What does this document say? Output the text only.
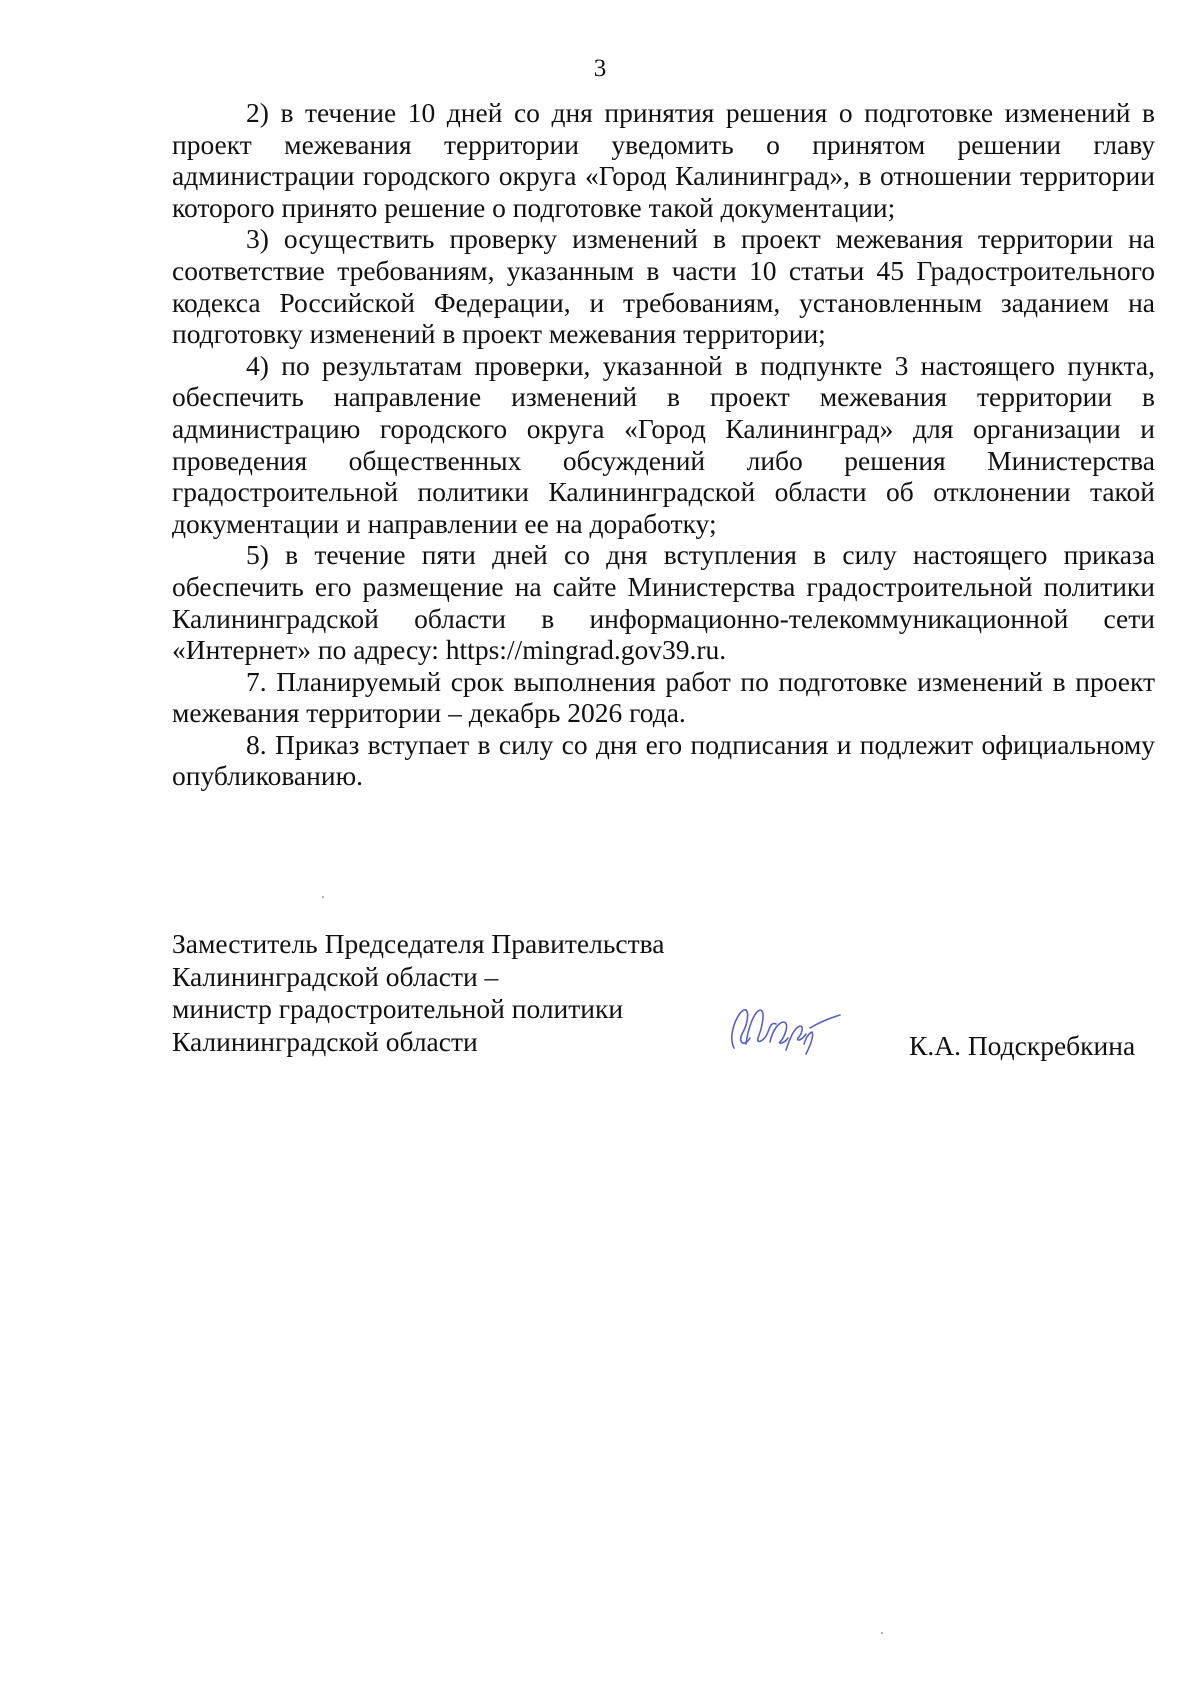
3

2) в течение 10 дней со дня принятия решения о подготовке изменений в проект межевания территории уведомить о принятом решении главу администрации городского округа «Город Калининград», в отношении территории которого принято решение о подготовке такой документации;

3) осуществить проверку изменений в проект межевания территории на соответствие требованиям, указанным в части 10 статьи 45 Градостроительного кодекса Российской Федерации, и требованиям, установленным заданием на подготовку изменений в проект межевания территории;

4) по результатам проверки, указанной в подпункте 3 настоящего пункта, обеспечить направление изменений в проект межевания территории в администрацию городского округа «Город Калининград» для организации и проведения общественных обсуждений либо решения Министерства градостроительной политики Калининградской области об отклонении такой документации и направлении ее на доработку;

5) в течение пяти дней со дня вступления в силу настоящего приказа обеспечить его размещение на сайте Министерства градостроительной политики Калининградской области в информационно-телекоммуникационной сети «Интернет» по адресу: https://mingrad.gov39.ru.

7. Планируемый срок выполнения работ по подготовке изменений в проект межевания территории – декабрь 2026 года.

8. Приказ вступает в силу со дня его подписания и подлежит официальному опубликованию.

Заместитель Председателя Правительства
Калининградской области –
министр градостроительной политики
Калининградской области	К.А. Подскребкина
